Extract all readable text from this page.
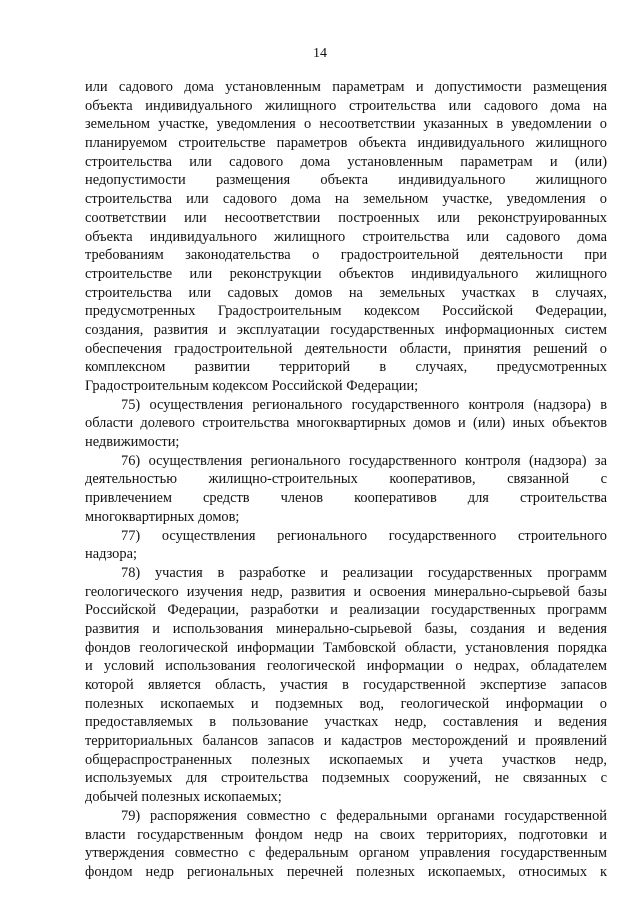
14
или садового дома установленным параметрам и допустимости размещения
объекта индивидуального жилищного строительства или садового дома на
земельном участке, уведомления о несоответствии указанных в уведомлении о
планируемом строительстве параметров объекта индивидуального жилищного
строительства или садового дома установленным параметрам и (или)
недопустимости размещения объекта индивидуального жилищного
строительства или садового дома на земельном участке, уведомления о
соответствии или несоответствии построенных или реконструированных
объекта индивидуального жилищного строительства или садового дома
требованиям законодательства о градостроительной деятельности при
строительстве или реконструкции объектов индивидуального жилищного
строительства или садовых домов на земельных участках в случаях,
предусмотренных Градостроительным кодексом Российской Федерации,
создания, развития и эксплуатации государственных информационных систем
обеспечения градостроительной деятельности области, принятия решений о
комплексном развитии территорий в случаях, предусмотренных
Градостроительным кодексом Российской Федерации;
75) осуществления регионального государственного контроля (надзора) в
области долевого строительства многоквартирных домов и (или) иных объектов
недвижимости;
76) осуществления регионального государственного контроля (надзора) за
деятельностью жилищно-строительных кооперативов, связанной с
привлечением средств членов кооперативов для строительства
многоквартирных домов;
77) осуществления регионального государственного строительного
надзора;
78) участия в разработке и реализации государственных программ
геологического изучения недр, развития и освоения минерально-сырьевой базы
Российской Федерации, разработки и реализации государственных программ
развития и использования минерально-сырьевой базы, создания и ведения
фондов геологической информации Тамбовской области, установления порядка
и условий использования геологической информации о недрах, обладателем
которой является область, участия в государственной экспертизе запасов
полезных ископаемых и подземных вод, геологической информации о
предоставляемых в пользование участках недр, составления и ведения
территориальных балансов запасов и кадастров месторождений и проявлений
общераспространенных полезных ископаемых и учета участков недр,
используемых для строительства подземных сооружений, не связанных с
добычей полезных ископаемых;
79) распоряжения совместно с федеральными органами государственной
власти государственным фондом недр на своих территориях, подготовки и
утверждения совместно с федеральным органом управления государственным
фондом недр региональных перечней полезных ископаемых, относимых к
